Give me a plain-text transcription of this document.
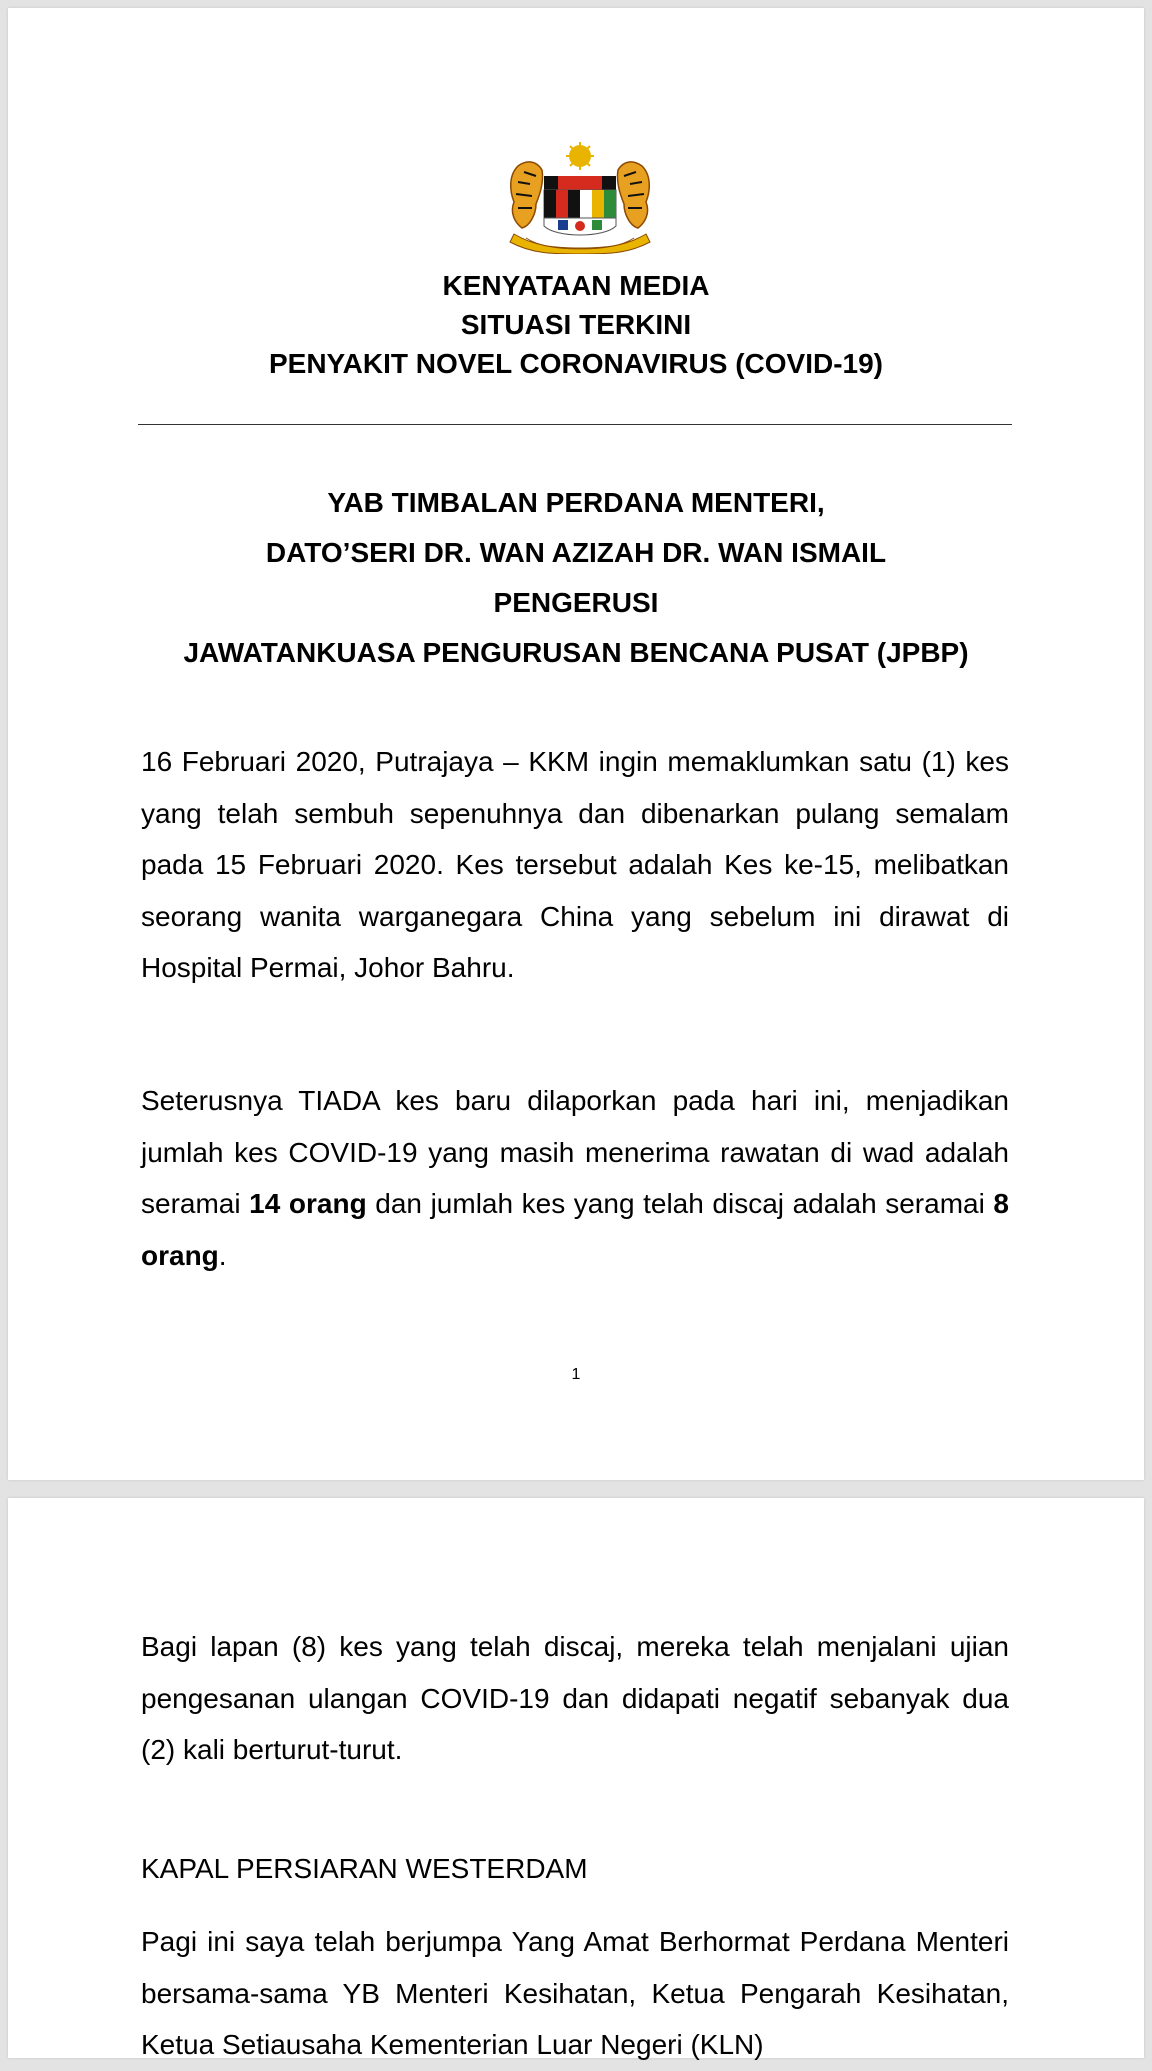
KENYATAAN MEDIA
SITUASI TERKINI
PENYAKIT NOVEL CORONAVIRUS (COVID-19)
YAB TIMBALAN PERDANA MENTERI,
DATO’SERI DR. WAN AZIZAH DR. WAN ISMAIL
PENGERUSI
JAWATANKUASA PENGURUSAN BENCANA PUSAT (JPBP)
16 Februari 2020, Putrajaya – KKM ingin memaklumkan satu (1) kes yang telah sembuh sepenuhnya dan dibenarkan pulang semalam pada 15 Februari 2020. Kes tersebut adalah Kes ke-15, melibatkan seorang wanita warganegara China yang sebelum ini dirawat di Hospital Permai, Johor Bahru.
Seterusnya TIADA kes baru dilaporkan pada hari ini, menjadikan jumlah kes COVID-19 yang masih menerima rawatan di wad adalah seramai 14 orang dan jumlah kes yang telah discaj adalah seramai 8 orang.
1
Bagi lapan (8) kes yang telah discaj, mereka telah menjalani ujian pengesanan ulangan COVID-19 dan didapati negatif sebanyak dua (2) kali berturut-turut.
KAPAL PERSIARAN WESTERDAM
Pagi ini saya telah berjumpa Yang Amat Berhormat Perdana Menteri bersama-sama YB Menteri Kesihatan, Ketua Pengarah Kesihatan, Ketua Setiausaha Kementerian Luar Negeri (KLN)
